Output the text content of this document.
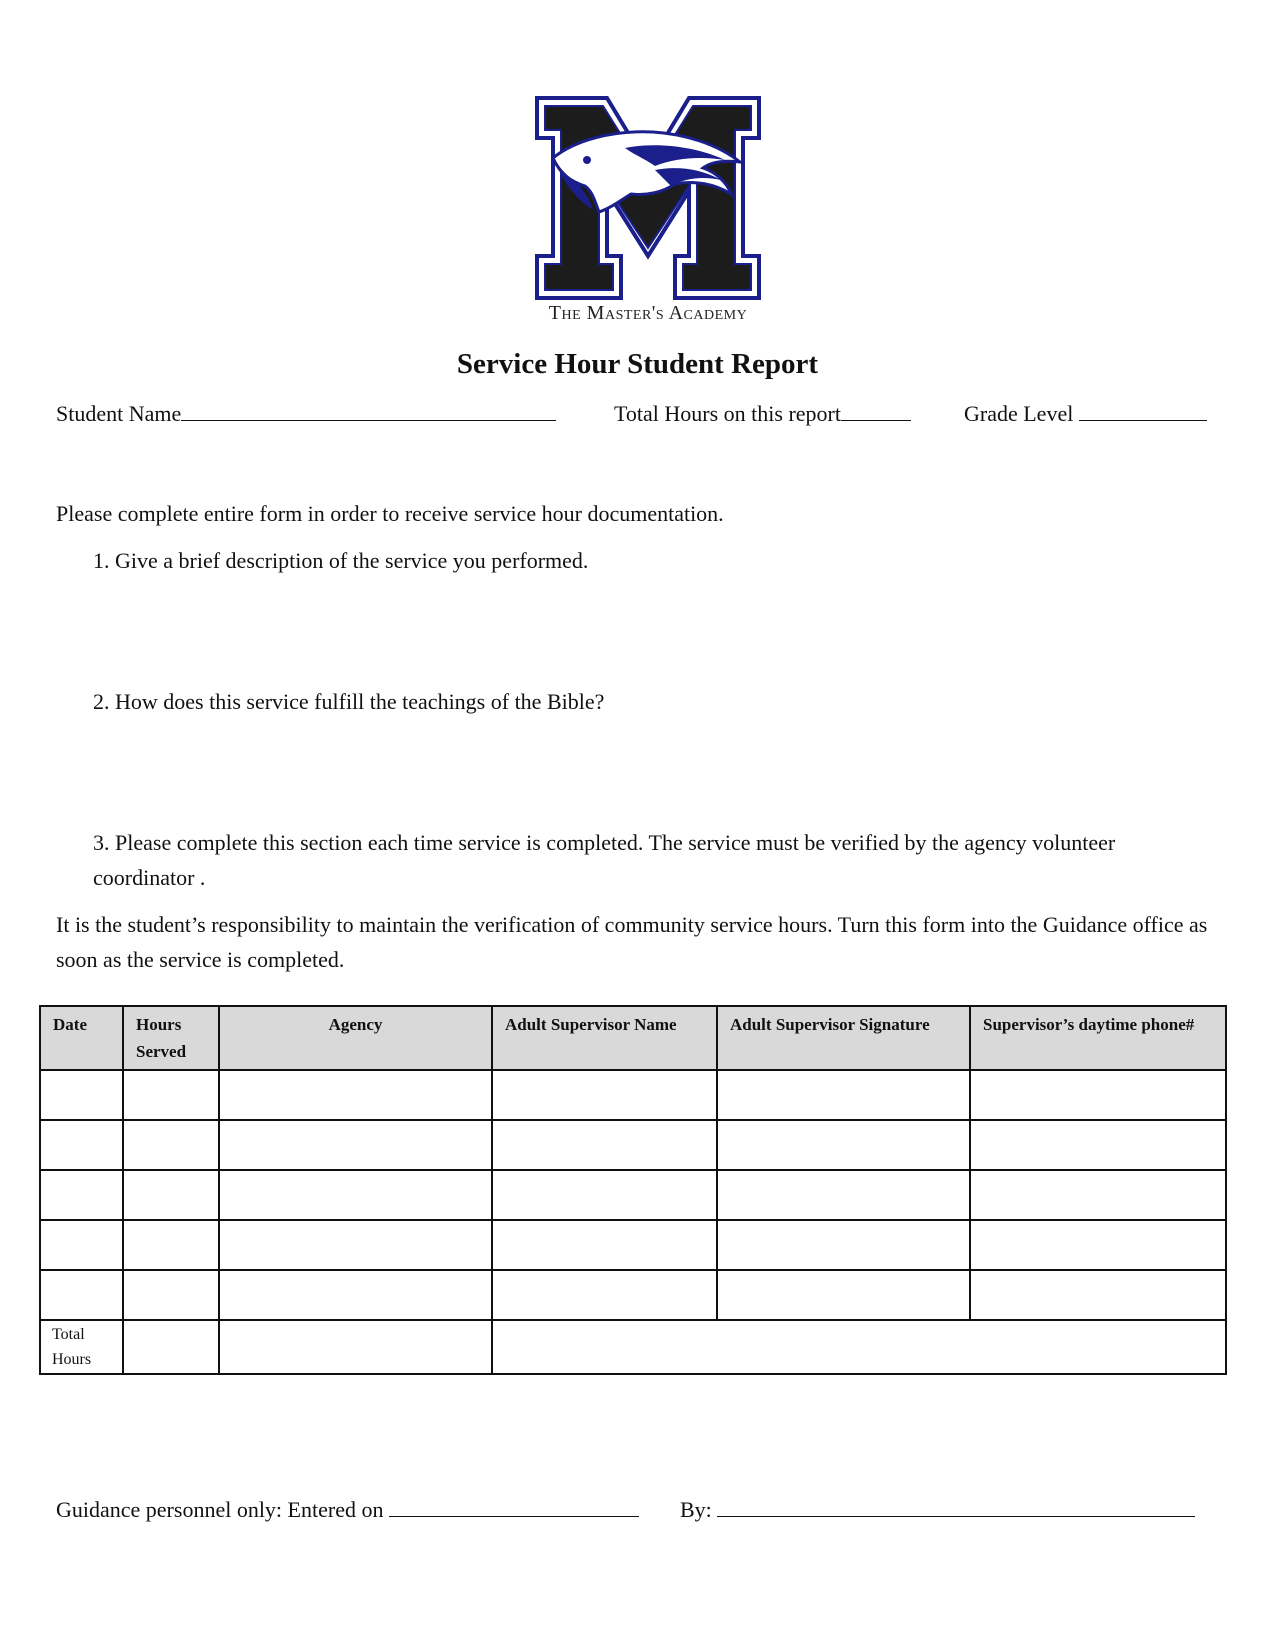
The Master's Academy
Service Hour Student Report
Student Name	Total Hours on this report	Grade Level
Please complete entire form in order to receive service hour documentation.
1. Give a brief description of the service you performed.
2. How does this service fulfill the teachings of the Bible?
3. Please complete this section each time service is completed. The service must be verified by the agency volunteer coordinator .
It is the student’s responsibility to maintain the verification of community service hours. Turn this form into the Guidance office as soon as the service is completed.
Date	Hours Served	Agency	Adult Supervisor Name	Adult Supervisor Signature	Supervisor’s daytime phone#

Total Hours					
Guidance personnel only: Entered on	By:
